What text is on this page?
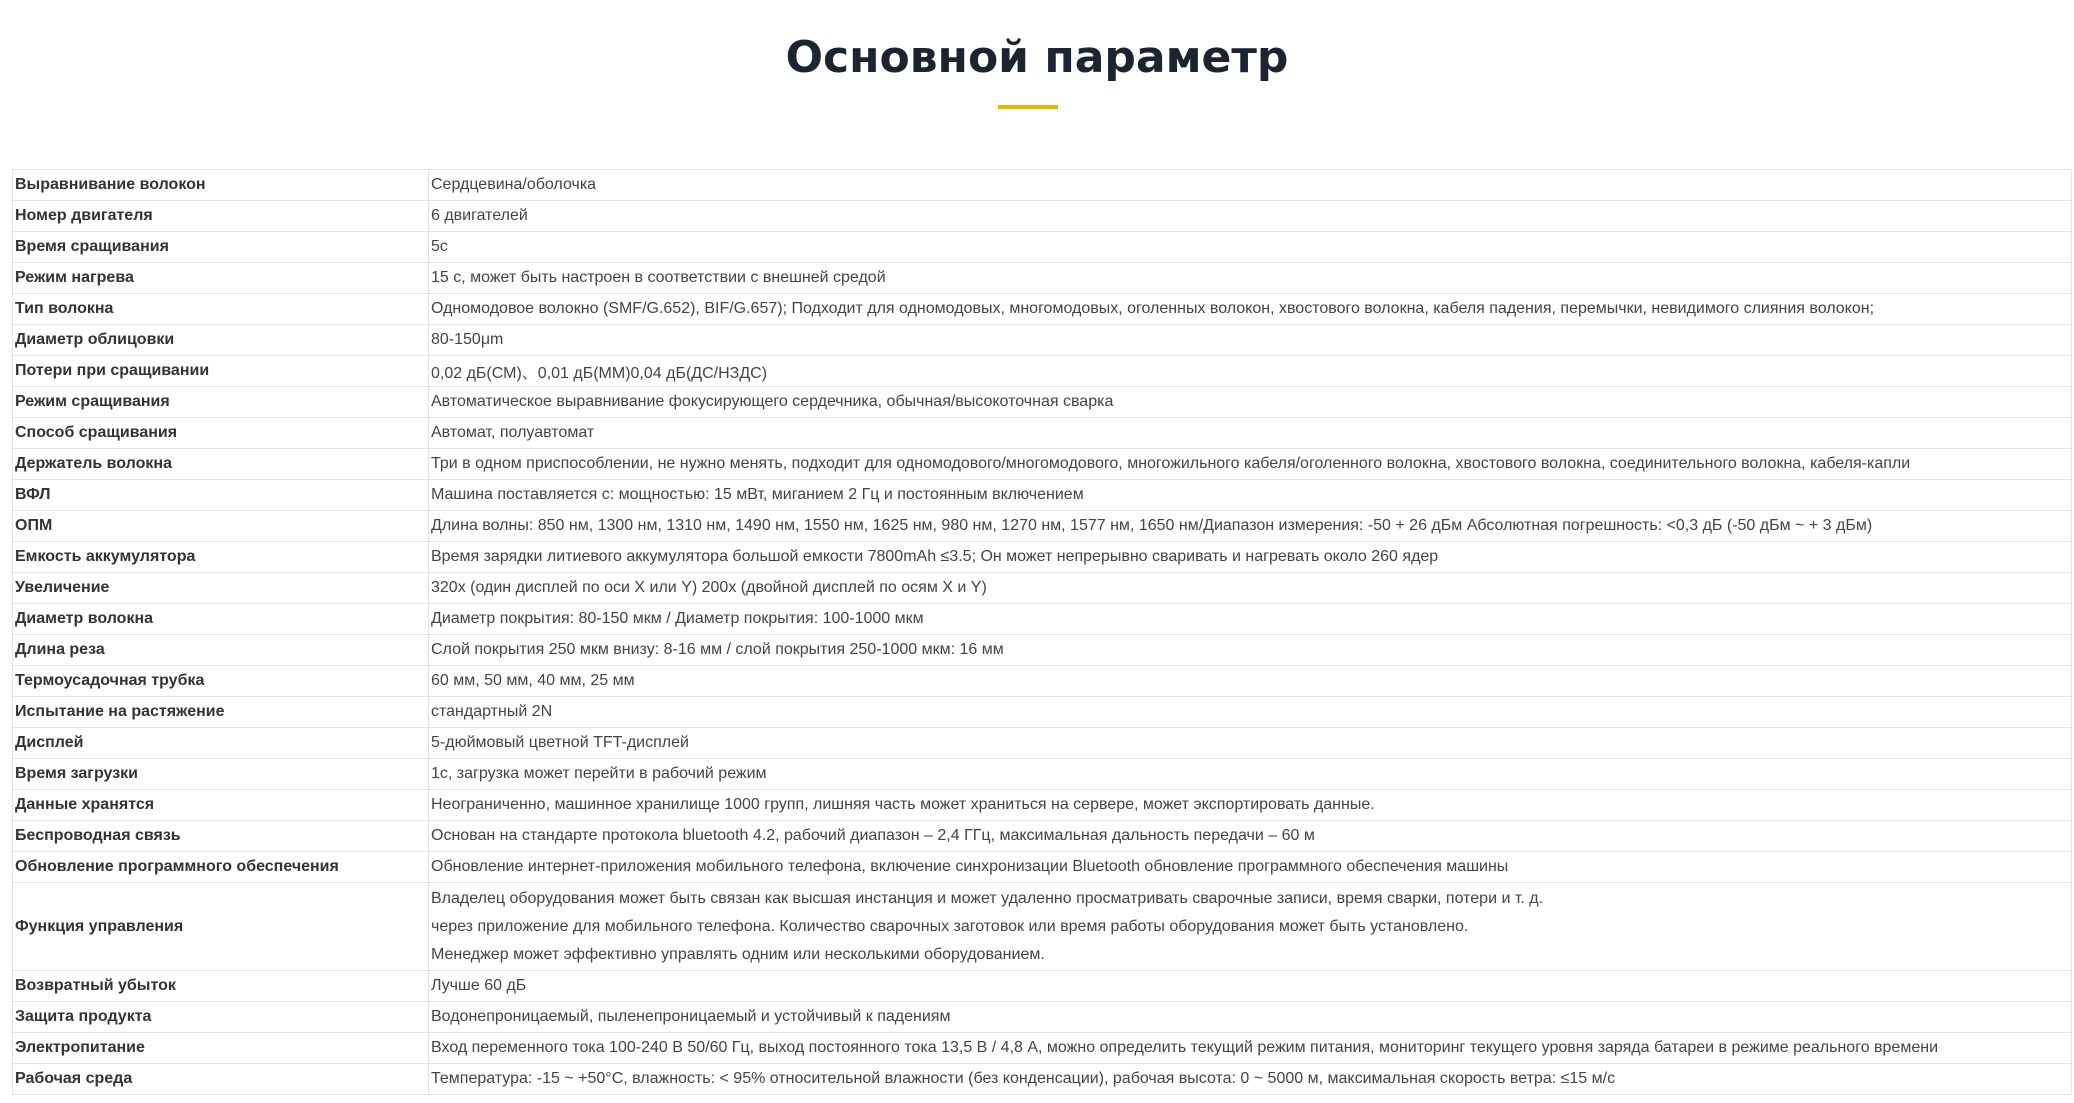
Основной параметр
Выравнивание волокон	Сердцевина/оболочка
Номер двигателя	6 двигателей
Время сращивания	5с
Режим нагрева	15 с, может быть настроен в соответствии с внешней средой
Тип волокна	Одномодовое волокно (SMF/G.652), BIF/G.657); Подходит для одномодовых, многомодовых, оголенных волокон, хвостового волокна, кабеля падения, перемычки, невидимого слияния волокон;
Диаметр облицовки	80-150μm
Потери при сращивании	0,02 дБ(СМ)、0,01 дБ(ММ)0,04 дБ(ДС/НЗДС)
Режим сращивания	Автоматическое выравнивание фокусирующего сердечника, обычная/высокоточная сварка
Способ сращивания	Автомат, полуавтомат
Держатель волокна	Три в одном приспособлении, не нужно менять, подходит для одномодового/многомодового, многожильного кабеля/оголенного волокна, хвостового волокна, соединительного волокна, кабеля-капли
ВФЛ	Машина поставляется с: мощностью: 15 мВт, миганием 2 Гц и постоянным включением
ОПМ	Длина волны: 850 нм, 1300 нм, 1310 нм, 1490 нм, 1550 нм, 1625 нм, 980 нм, 1270 нм, 1577 нм, 1650 нм/Диапазон измерения: -50 + 26 дБм Абсолютная погрешность: <0,3 дБ (-50 дБм ~ + 3 дБм)
Емкость аккумулятора	Время зарядки литиевого аккумулятора большой емкости 7800mAh ≤3.5; Он может непрерывно сваривать и нагревать около 260 ядер
Увеличение	320x (один дисплей по оси X или Y) 200x (двойной дисплей по осям X и Y)
Диаметр волокна	Диаметр покрытия: 80-150 мкм / Диаметр покрытия: 100-1000 мкм
Длина реза	Слой покрытия 250 мкм внизу: 8-16 мм / слой покрытия 250-1000 мкм: 16 мм
Термоусадочная трубка	60 мм, 50 мм, 40 мм, 25 мм
Испытание на растяжение	стандартный 2N
Дисплей	5-дюймовый цветной TFT-дисплей
Время загрузки	1с, загрузка может перейти в рабочий режим
Данные хранятся	Неограниченно, машинное хранилище 1000 групп, лишняя часть может храниться на сервере, может экспортировать данные.
Беспроводная связь	Основан на стандарте протокола bluetooth 4.2, рабочий диапазон – 2,4 ГГц, максимальная дальность передачи – 60 м
Обновление программного обеспечения	Обновление интернет-приложения мобильного телефона, включение синхронизации Bluetooth обновление программного обеспечения машины
Функция управления	Владелец оборудования может быть связан как высшая инстанция и может удаленно просматривать сварочные записи, время сварки, потери и т. д.
через приложение для мобильного телефона. Количество сварочных заготовок или время работы оборудования может быть установлено.
Менеджер может эффективно управлять одним или несколькими оборудованием.

Возвратный убыток	Лучше 60 дБ
Защита продукта	Водонепроницаемый, пыленепроницаемый и устойчивый к падениям
Электропитание	Вход переменного тока 100-240 В 50/60 Гц, выход постоянного тока 13,5 В / 4,8 А, можно определить текущий режим питания, мониторинг текущего уровня заряда батареи в режиме реального времени
Рабочая среда	Температура: -15 ~ +50°C, влажность: < 95% относительной влажности (без конденсации), рабочая высота: 0 ~ 5000 м, максимальная скорость ветра: ≤15 м/с
